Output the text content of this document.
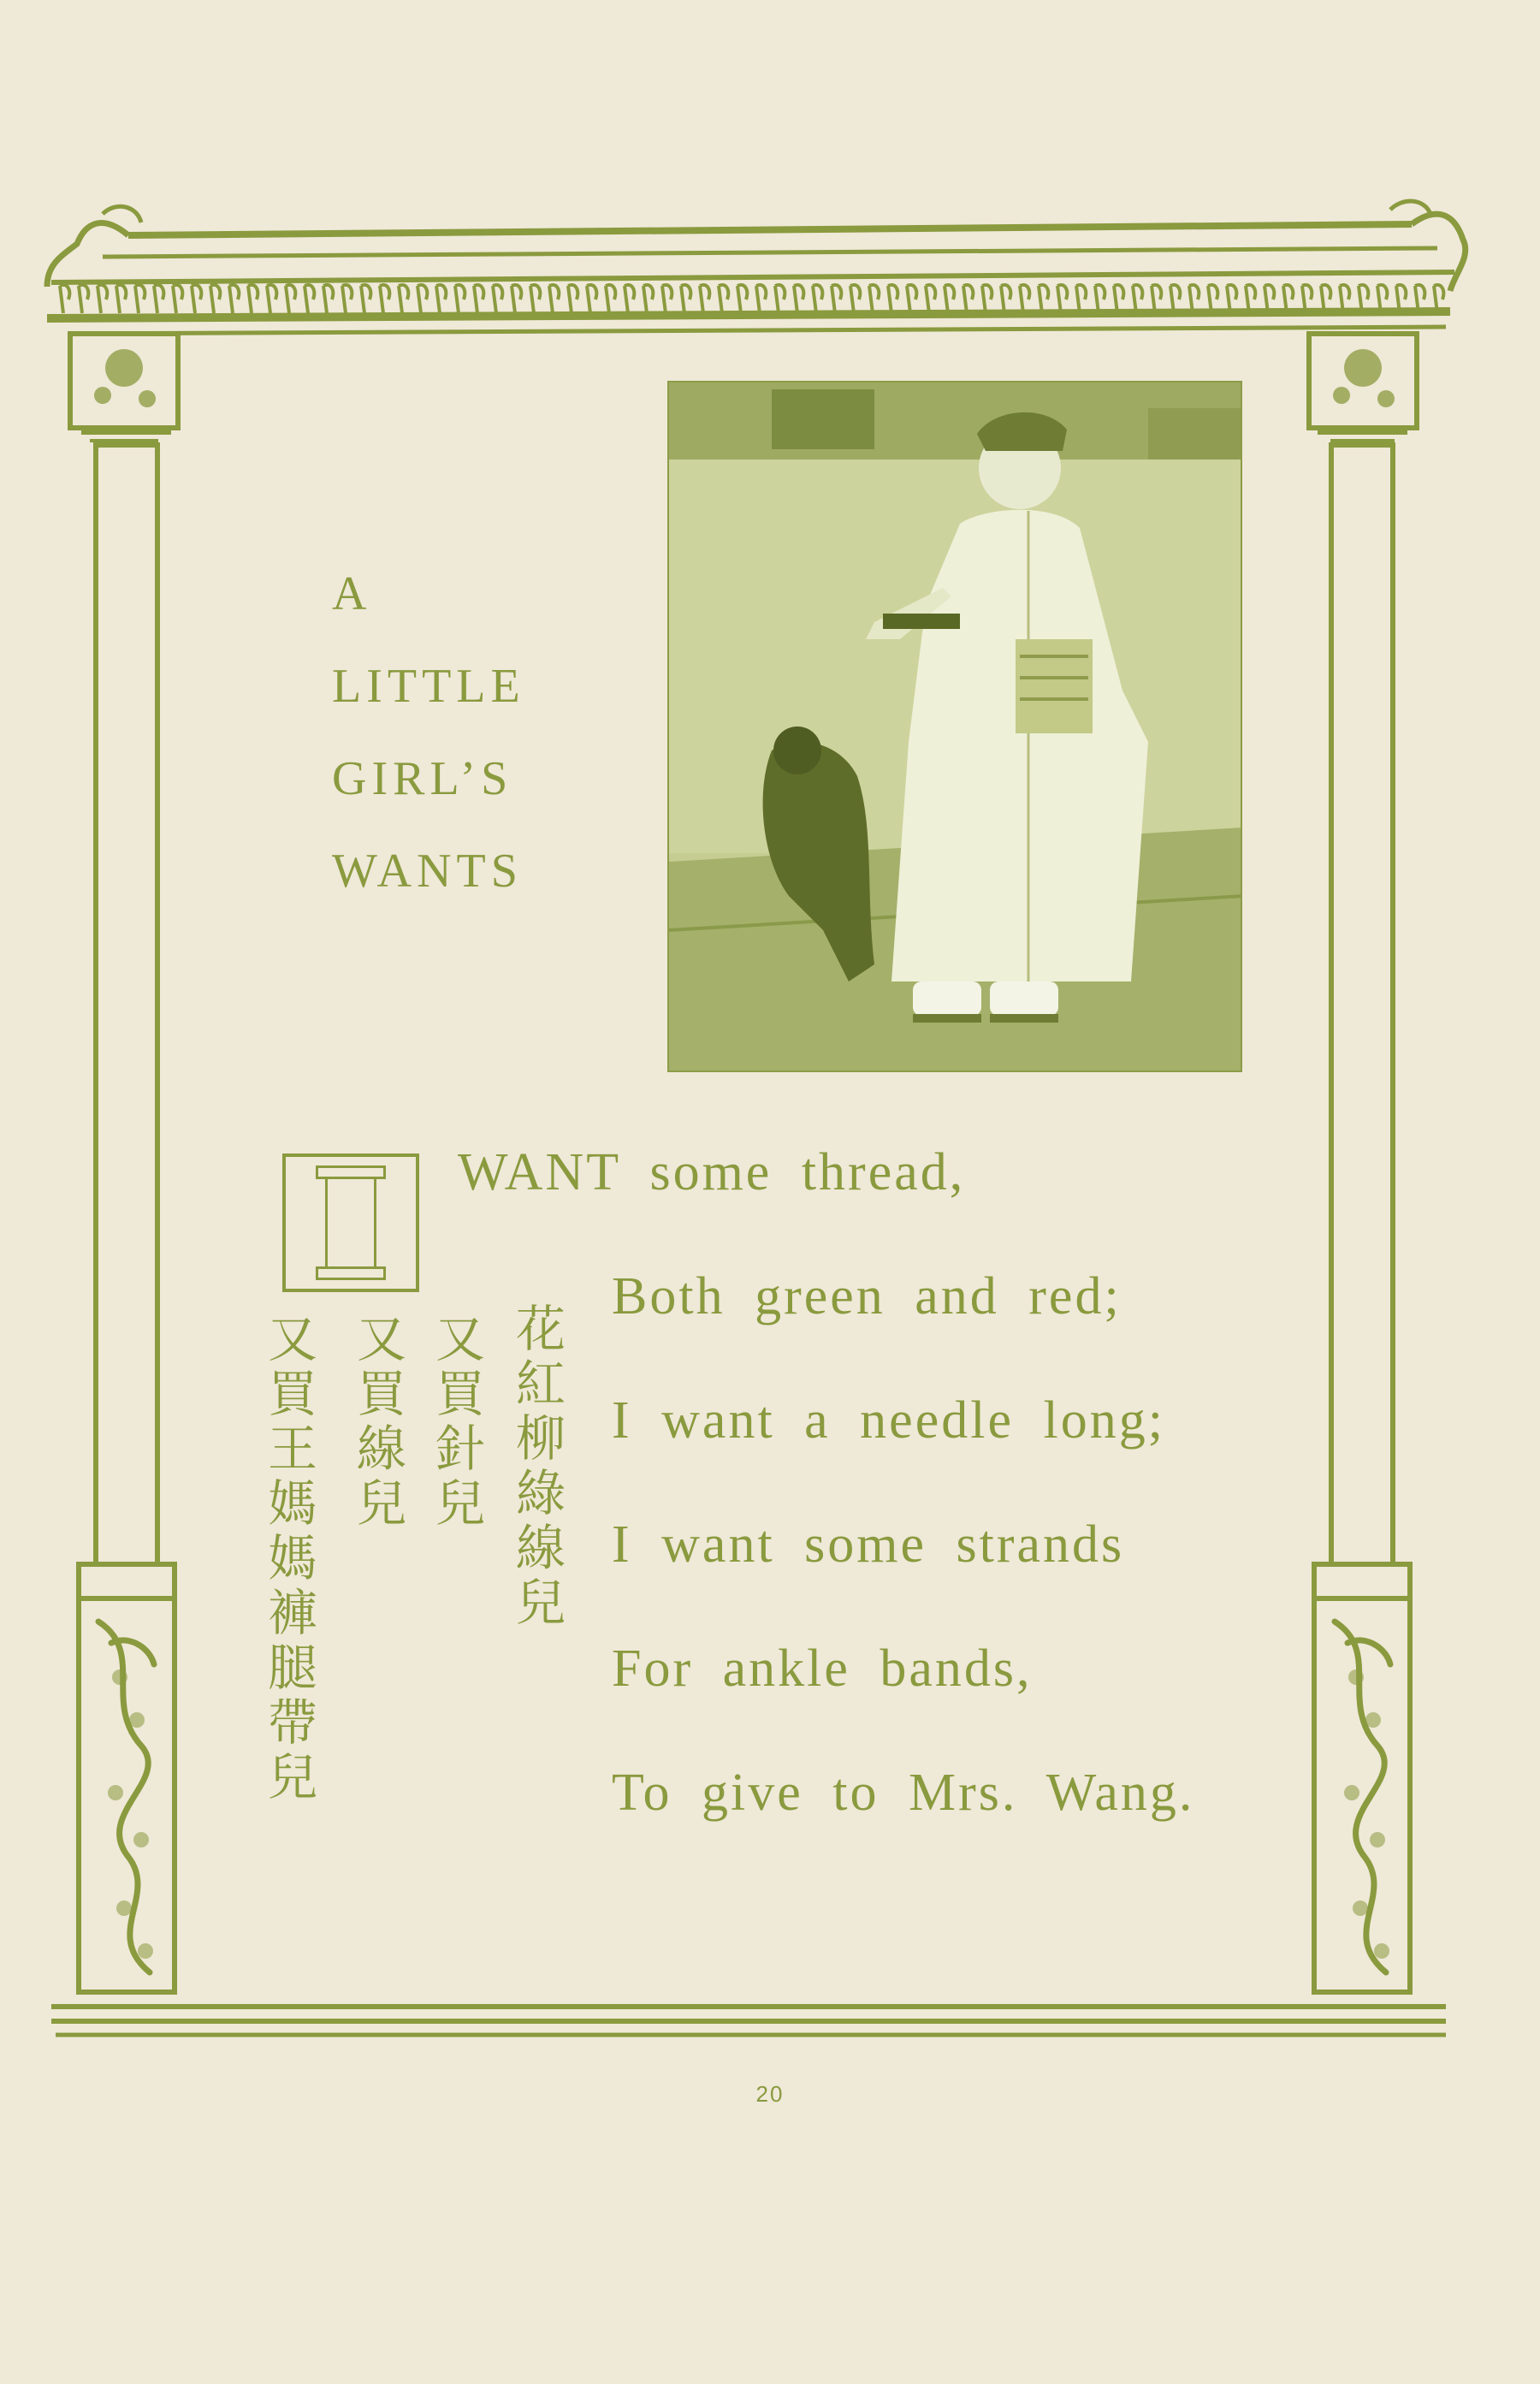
A
LITTLE
GIRL’S
WANTS
WANT some thread,
Both green and red;
I want a needle long;
I want some strands
For ankle bands,
To give to Mrs. Wang.
花紅柳綠線兒
又買針兒
又買線兒
又買王媽媽褲腿帶兒
20
